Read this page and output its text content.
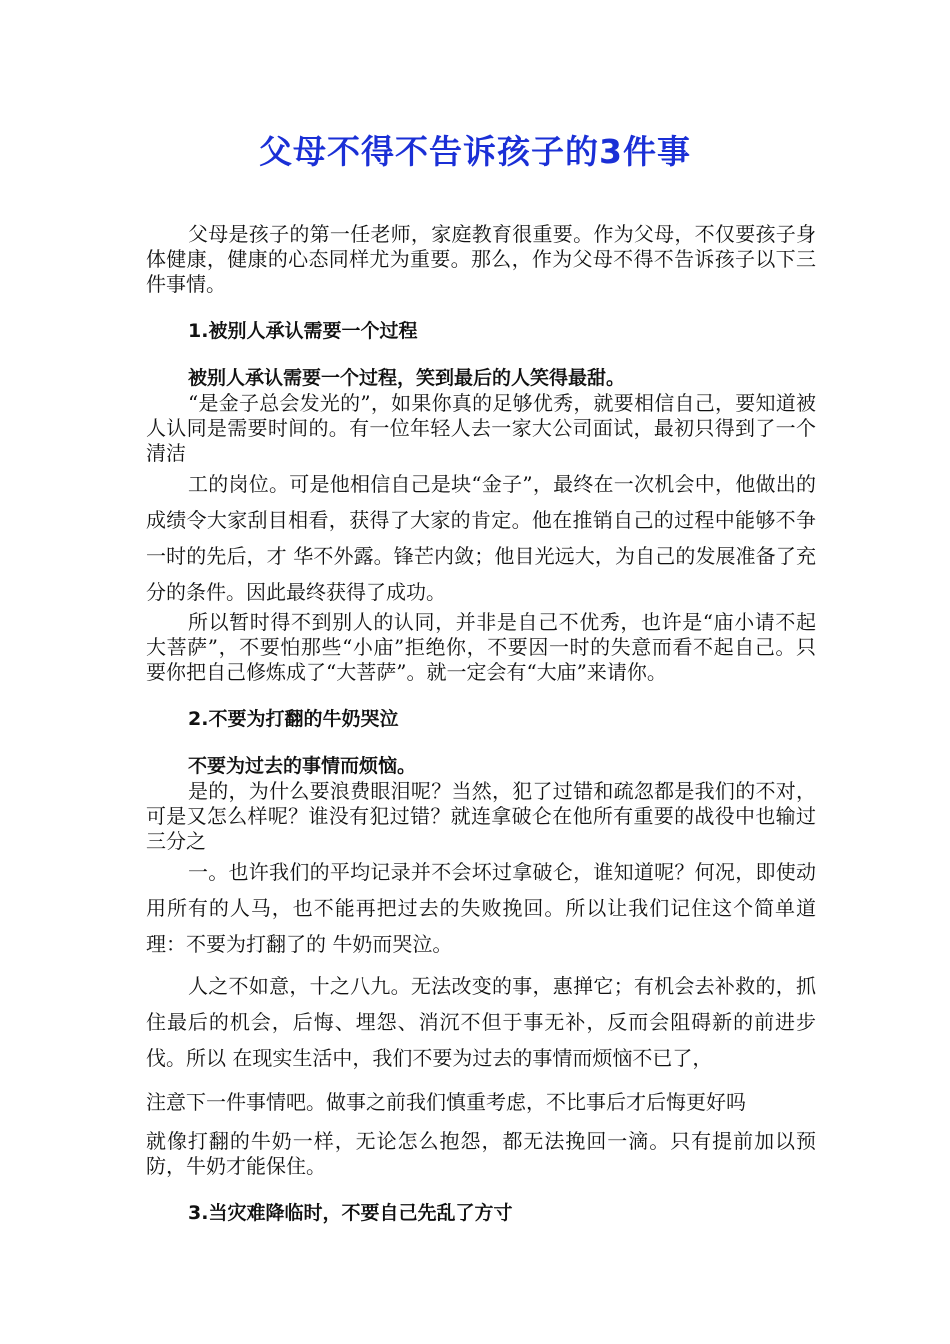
父母不得不告诉孩子的3件事

父母是孩子的第一任老师，家庭教育很重要。作为父母，不仅要孩子身体健康，健康的心态同样尤为重要。那么，作为父母不得不告诉孩子以下三件事情。

1.被别人承认需要一个过程

被别人承认需要一个过程，笑到最后的人笑得最甜。

“是金子总会发光的”，如果你真的足够优秀，就要相信自己，要知道被人认同是需要时间的。有一位年轻人去一家大公司面试，最初只得到了一个清洁

工的岗位。可是他相信自己是块“金子”，最终在一次机会中，他做出的成绩令大家刮目相看，获得了大家的肯定。他在推销自己的过程中能够不争一时的先后，才 华不外露。锋芒内敛；他目光远大，为自己的发展准备了充分的条件。因此最终获得了成功。

所以暂时得不到别人的认同，并非是自己不优秀，也许是“庙小请不起大菩萨”，不要怕那些“小庙”拒绝你，不要因一时的失意而看不起自己。只要你把自己修炼成了“大菩萨”。就一定会有“大庙”来请你。

2.不要为打翻的牛奶哭泣

不要为过去的事情而烦恼。

是的，为什么要浪费眼泪呢？当然，犯了过错和疏忽都是我们的不对，可是又怎么样呢？谁没有犯过错？就连拿破仑在他所有重要的战役中也输过三分之

一。也许我们的平均记录并不会坏过拿破仑，谁知道呢？何况，即使动用所有的人马，也不能再把过去的失败挽回。所以让我们记住这个简单道理：不要为打翻了的 牛奶而哭泣。

人之不如意，十之八九。无法改变的事，惠掸它；有机会去补救的，抓住最后的机会，后悔、埋怨、消沉不但于事无补，反而会阻碍新的前进步伐。所以 在现实生活中，我们不要为过去的事情而烦恼不已了，

注意下一件事情吧。做事之前我们慎重考虑，不比事后才后悔更好吗

就像打翻的牛奶一样，无论怎么抱怨，都无法挽回一滴。只有提前加以预防，牛奶才能保住。

3.当灾难降临时，不要自己先乱了方寸
